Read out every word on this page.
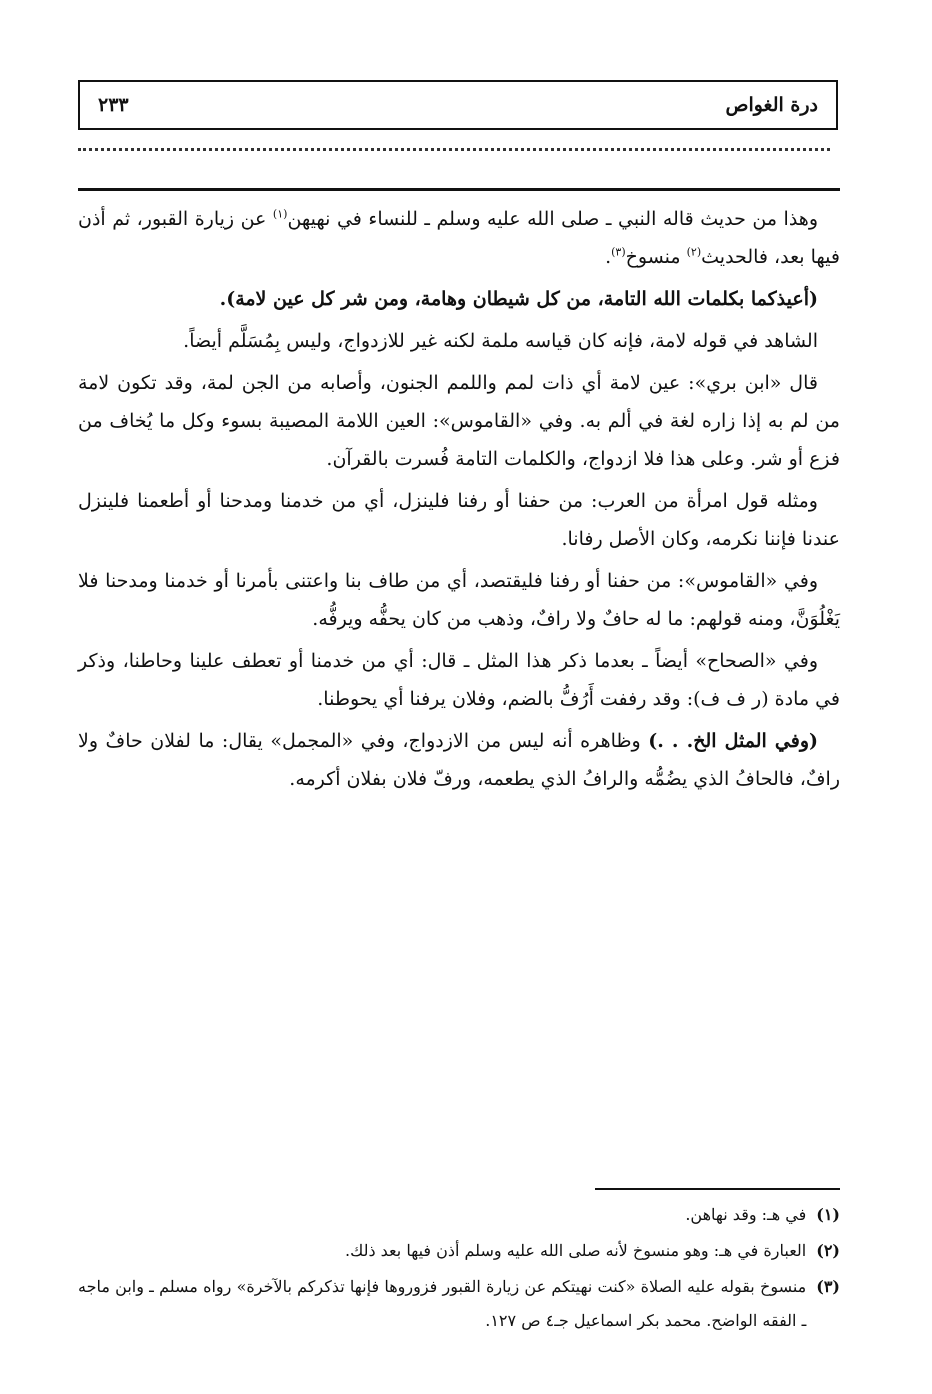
درة الغواص
٢٣٣

وهذا من حديث قاله النبي ـ صلى الله عليه وسلم ـ للنساء في نهيهن$^{(١)}$ عن زيارة القبور، ثم أذن فيها بعد، فالحديث$^{(٢)}$ منسوخ$^{(٣)}$.

(أعيذكما بكلمات الله التامة، من كل شيطان وهامة، ومن شر كل عين لامة).

الشاهد في قوله لامة، فإنه كان قياسه ملمة لكنه غير للازدواج، وليس بِمُسَلَّم أيضاً.

قال «ابن بري»: عين لامة أي ذات لمم واللمم الجنون، وأصابه من الجن لمة، وقد تكون لامة من لم به إذا زاره لغة في ألم به. وفي «القاموس»: العين اللامة المصيبة بسوء وكل ما يُخاف من فزع أو شر. وعلى هذا فلا ازدواج، والكلمات التامة فُسرت بالقرآن.

ومثله قول امرأة من العرب: من حفنا أو رفنا فلينزل، أي من خدمنا ومدحنا أو أطعمنا فلينزل عندنا فإننا نكرمه، وكان الأصل رفانا.

وفي «القاموس»: من حفنا أو رفنا فليقتصد، أي من طاف بنا واعتنى بأمرنا أو خدمنا ومدحنا فلا يَغْلُوَنَّ، ومنه قولهم: ما له حافٌ ولا رافٌ، وذهب من كان يحفُّه ويرفُّه.

وفي «الصحاح» أيضاً ـ بعدما ذكر هذا المثل ـ قال: أي من خدمنا أو تعطف علينا وحاطنا، وذكر في مادة (ر ف ف): وقد رففت أَرُفُّ بالضم، وفلان يرفنا أي يحوطنا.

(وفي المثل الخ. . .) وظاهره أنه ليس من الازدواج، وفي «المجمل» يقال: ما لفلان حافٌ ولا رافٌ، فالحافُ الذي يضُمُّه والرافُ الذي يطعمه، ورفّ فلان بفلان أكرمه.

(١)
في هـ: وقد نهاهن.
(٢)
العبارة في هـ: وهو منسوخ لأنه صلى الله عليه وسلم أذن فيها بعد ذلك.
(٣)
منسوخ بقوله عليه الصلاة «كنت نهيتكم عن زيارة القبور فزوروها فإنها تذكركم بالآخرة» رواه مسلم ـ وابن ماجه ـ الفقه الواضح. محمد بكر اسماعيل جـ٤ ص ١٢٧.
